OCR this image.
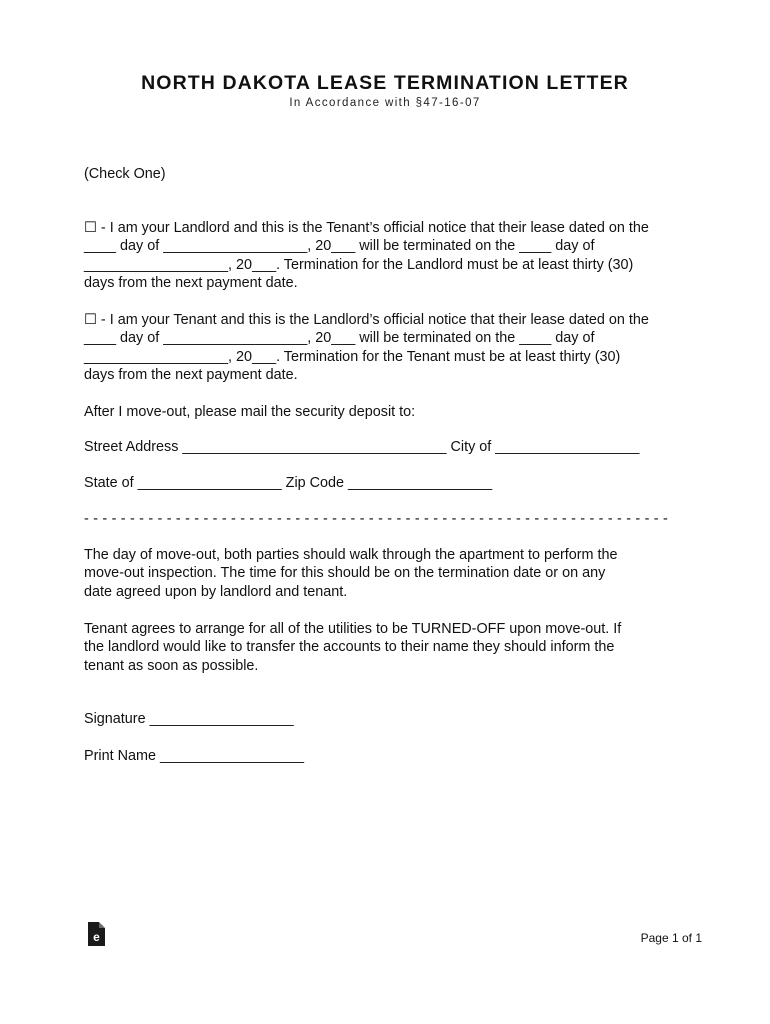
NORTH DAKOTA LEASE TERMINATION LETTER
In Accordance with §47-16-07
(Check One)
☐ - I am your Landlord and this is the Tenant’s official notice that their lease dated on the
____ day of __________________, 20___ will be terminated on the ____ day of
__________________, 20___. Termination for the Landlord must be at least thirty (30)
days from the next payment date.
☐ - I am your Tenant and this is the Landlord’s official notice that their lease dated on the
____ day of __________________, 20___ will be terminated on the ____ day of
__________________, 20___. Termination for the Tenant must be at least thirty (30)
days from the next payment date.
After I move-out, please mail the security deposit to:
Street Address _________________________________ City of __________________
State of __________________ Zip Code __________________
- - - - - - - - - - - - - - - - - - - - - - - - - - - - - - - - - - - - - - - - - - - - - - - - - - - - - - - - - - - - - - - -
The day of move-out, both parties should walk through the apartment to perform the
move-out inspection. The time for this should be on the termination date or on any
date agreed upon by landlord and tenant.
Tenant agrees to arrange for all of the utilities to be TURNED-OFF upon move-out. If
the landlord would like to transfer the accounts to their name they should inform the
tenant as soon as possible.
Signature __________________
Print Name __________________
e	Page 1 of 1
